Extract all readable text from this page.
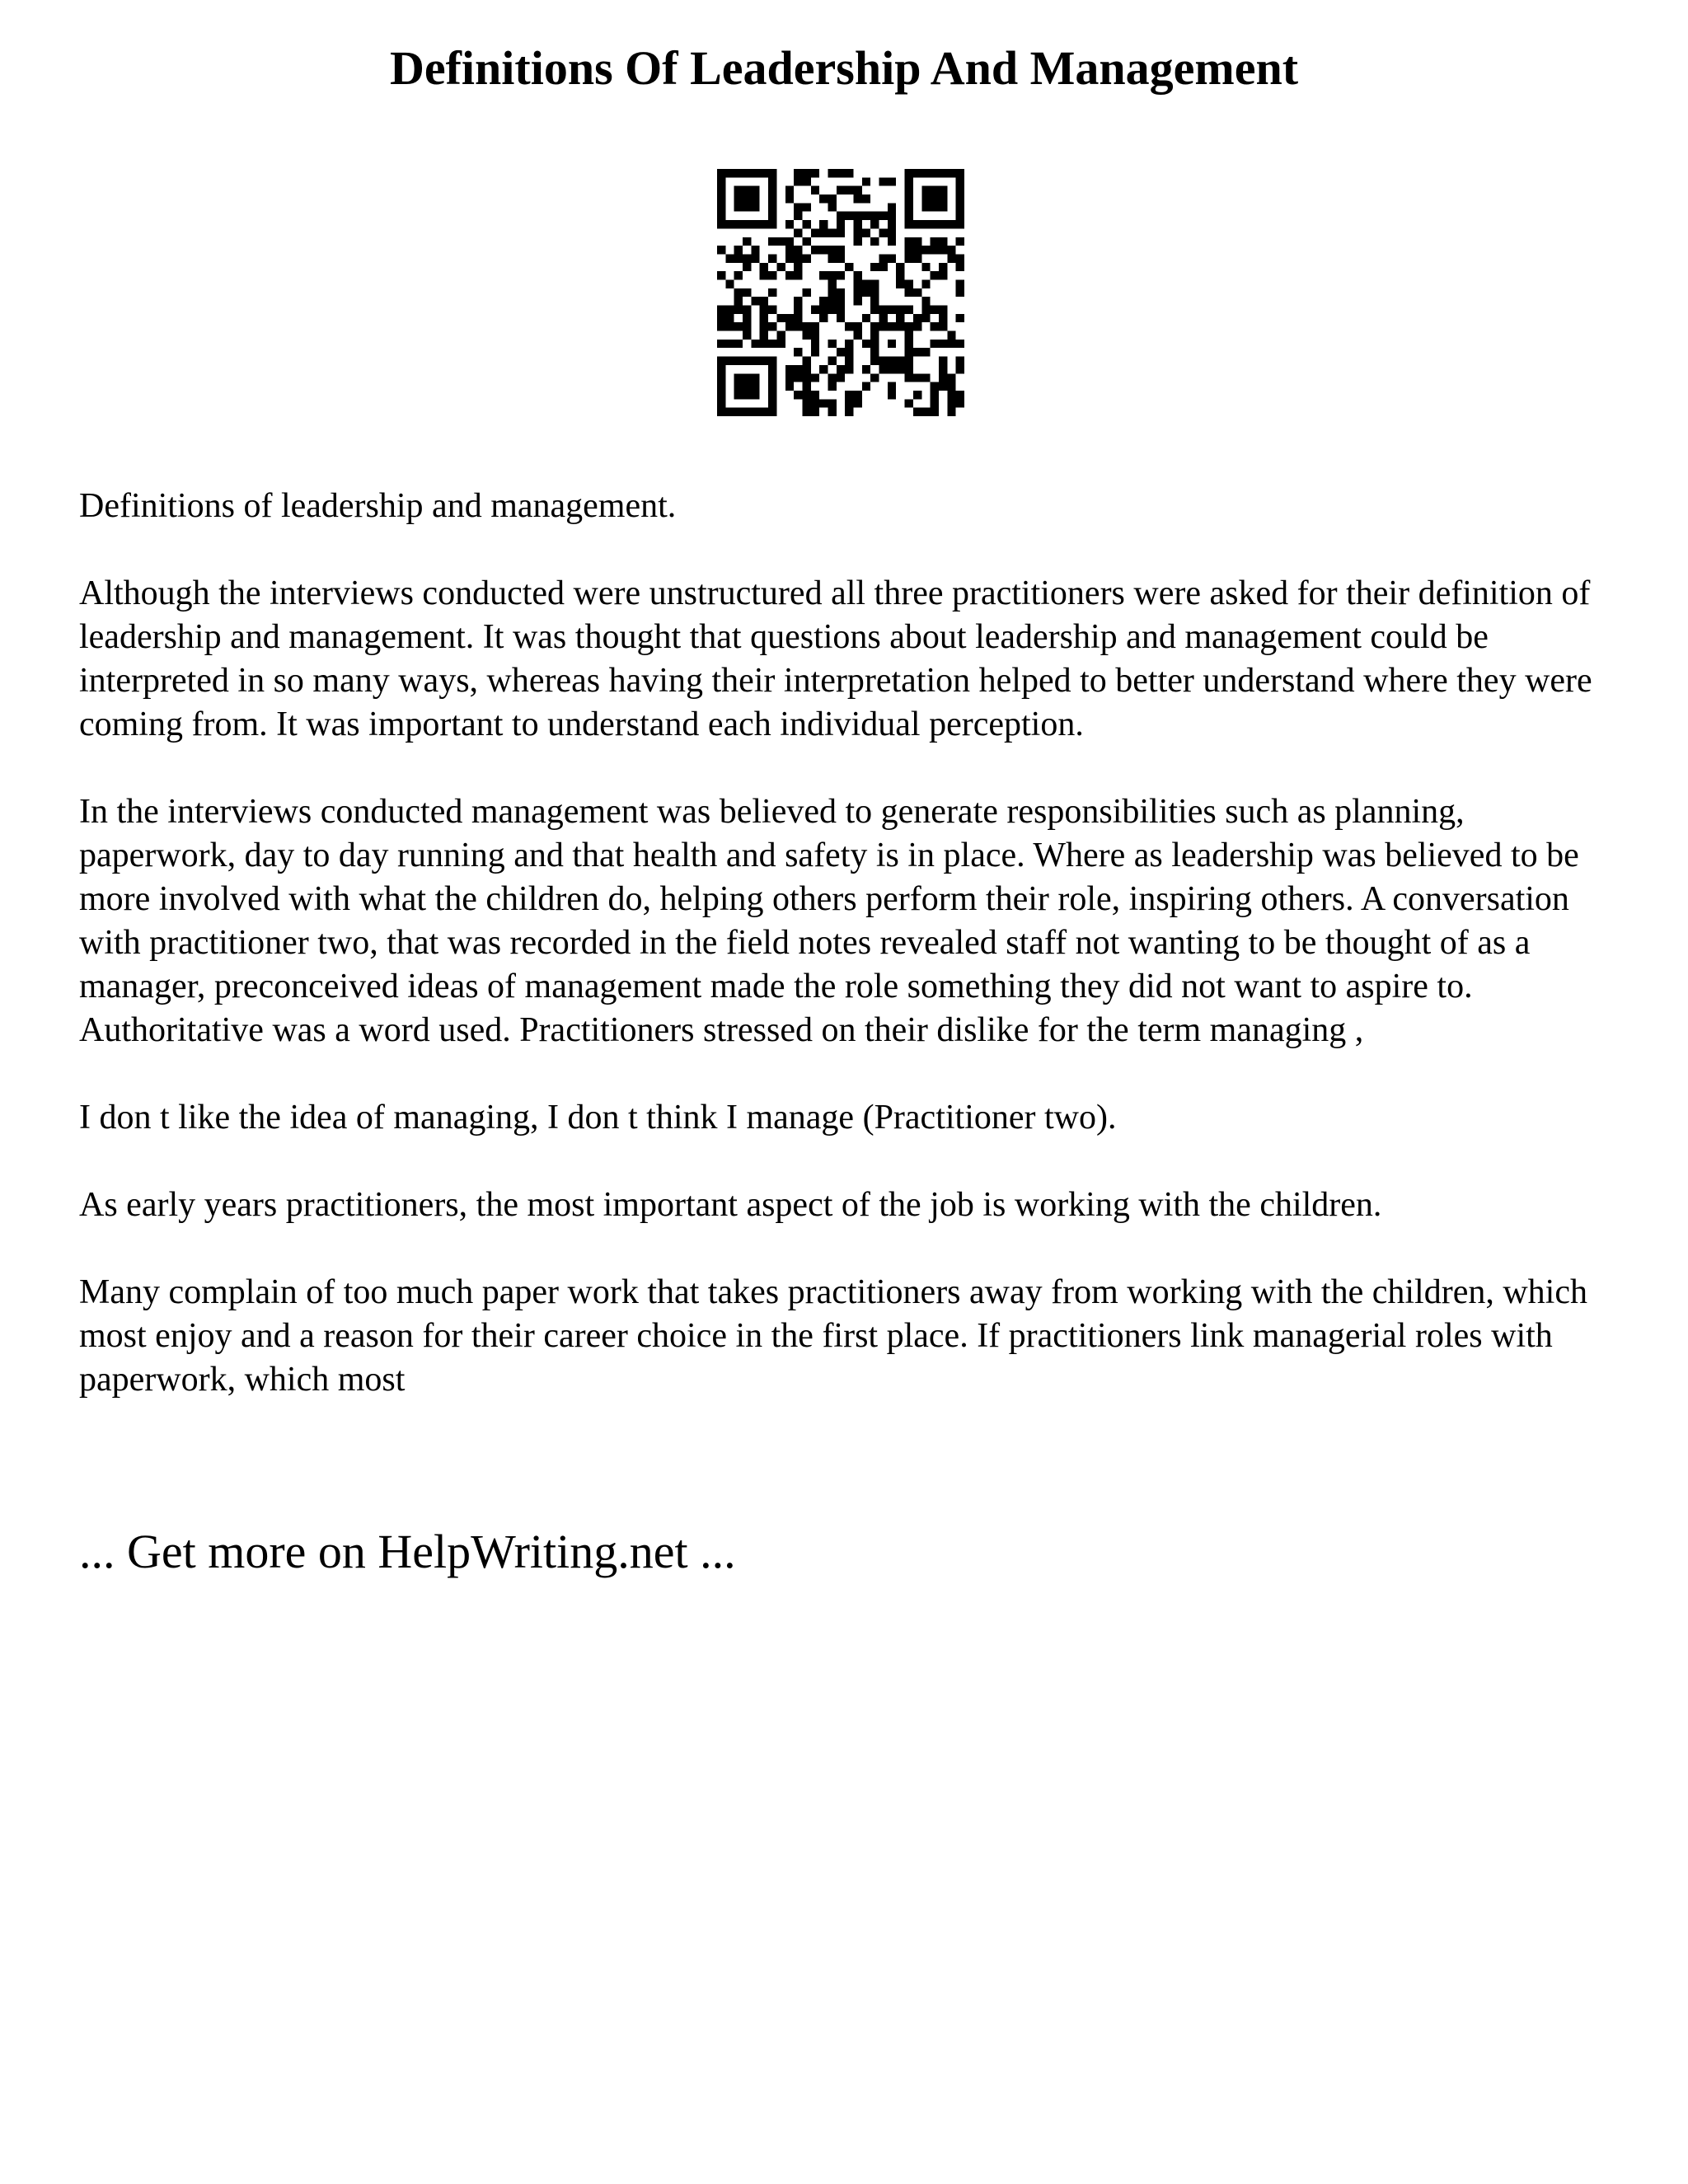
Definitions Of Leadership And Management

Definitions of leadership and management.

Although the interviews conducted were unstructured all three practitioners were asked for their definition of leadership and management. It was thought that questions about leadership and management could be interpreted in so many ways, whereas having their interpretation helped to better understand where they were coming from. It was important to understand each individual perception.

In the interviews conducted management was believed to generate responsibilities such as planning, paperwork, day to day running and that health and safety is in place. Where as leadership was believed to be more involved with what the children do, helping others perform their role, inspiring others. A conversation with practitioner two, that was recorded in the field notes revealed staff not wanting to be thought of as a manager, preconceived ideas of management made the role something they did not want to aspire to. Authoritative was a word used. Practitioners stressed on their dislike for the term managing ,

I don t like the idea of managing, I don t think I manage (Practitioner two).

As early years practitioners, the most important aspect of the job is working with the children.

Many complain of too much paper work that takes practitioners away from working with the children, which most enjoy and a reason for their career choice in the first place. If practitioners link managerial roles with paperwork, which most

... Get more on HelpWriting.net ...
